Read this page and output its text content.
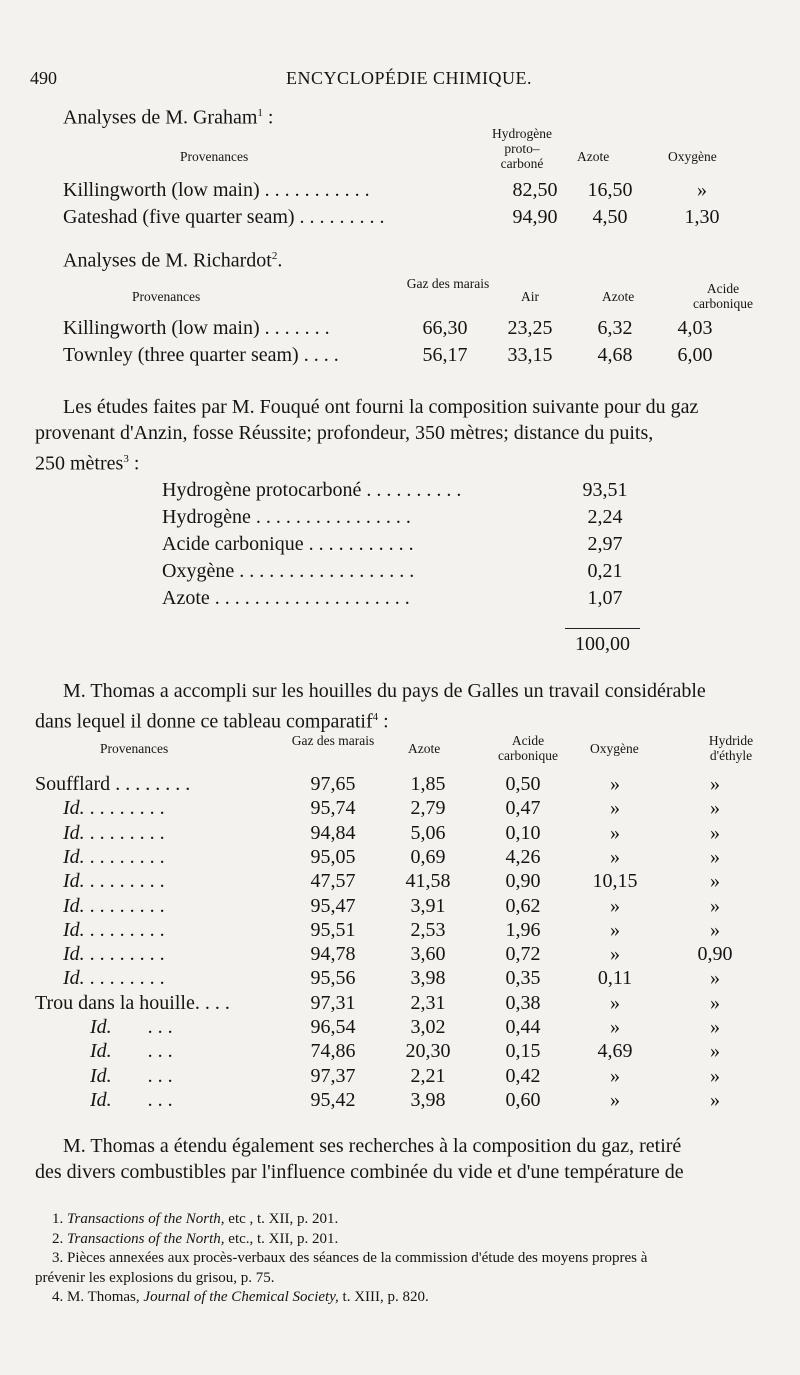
490	ENCYCLOPÉDIE CHIMIQUE.
Analyses de M. Graham$^1$ :
Provenances
Hydrogène proto– carboné	Azote	Oxygène
Killingworth (low main) . . . . . . . . . . .	82,50	16,50	»
Gateshad (five quarter seam) . . . . . . . . .	94,90	4,50	1,30
Analyses de M. Richardot$^2$.
Provenances
Gaz des marais
Air	Azote
Acide carbonique
Killingworth (low main) . . . . . . .	66,30	23,25	6,32	4,03
Townley (three quarter seam) . . . .	56,17	33,15	4,68	6,00
Les études faites par M. Fouqué ont fourni la composition suivante pour du gaz
provenant d'Anzin, fosse Réussite; profondeur, 350 mètres; distance du puits,
250 mètres$^3$ :
Hydrogène protocarboné . . . . . . . . . .	93,51
Hydrogène . . . . . . . . . . . . . . . .	2,24
Acide carbonique . . . . . . . . . . .	2,97
Oxygène . . . . . . . . . . . . . . . . . .	0,21
Azote . . . . . . . . . . . . . . . . . . . .	1,07
100,00
M. Thomas a accompli sur les houilles du pays de Galles un travail considérable
dans lequel il donne ce tableau comparatif$^4$ :
Provenances
Gaz des marais
Azote
Acide carbonique	Oxygène
Hydride d'éthyle
Soufflard . . . . . . . .	97,65	1,85	0,50	»	»
Id. . . . . . . . .	95,74	2,79	0,47	»	»
Id. . . . . . . . .	94,84	5,06	0,10	»	»
Id. . . . . . . . .	95,05	0,69	4,26	»	»
Id. . . . . . . . .	47,57	41,58	0,90	10,15	»
Id. . . . . . . . .	95,47	3,91	0,62	»	»
Id. . . . . . . . .	95,51	2,53	1,96	»	»
Id. . . . . . . . .	94,78	3,60	0,72	»	0,90
Id. . . . . . . . .	95,56	3,98	0,35	0,11	»
Trou dans la houille. . . .	97,31	2,31	0,38	»	»
Id. . . .	96,54	3,02	0,44	»	»
Id. . . .	74,86	20,30	0,15	4,69	»
Id. . . .	97,37	2,21	0,42	»	»
Id. . . .	95,42	3,98	0,60	»	»
M. Thomas a étendu également ses recherches à la composition du gaz, retiré
des divers combustibles par l'influence combinée du vide et d'une température de
1. Transactions of the North, etc , t. XII, p. 201.
2. Transactions of the North, etc., t. XII, p. 201.
3. Pièces annexées aux procès-verbaux des séances de la commission d'étude des moyens propres à
prévenir les explosions du grisou, p. 75.
4. M. Thomas, Journal of the Chemical Society, t. XIII, p. 820.
